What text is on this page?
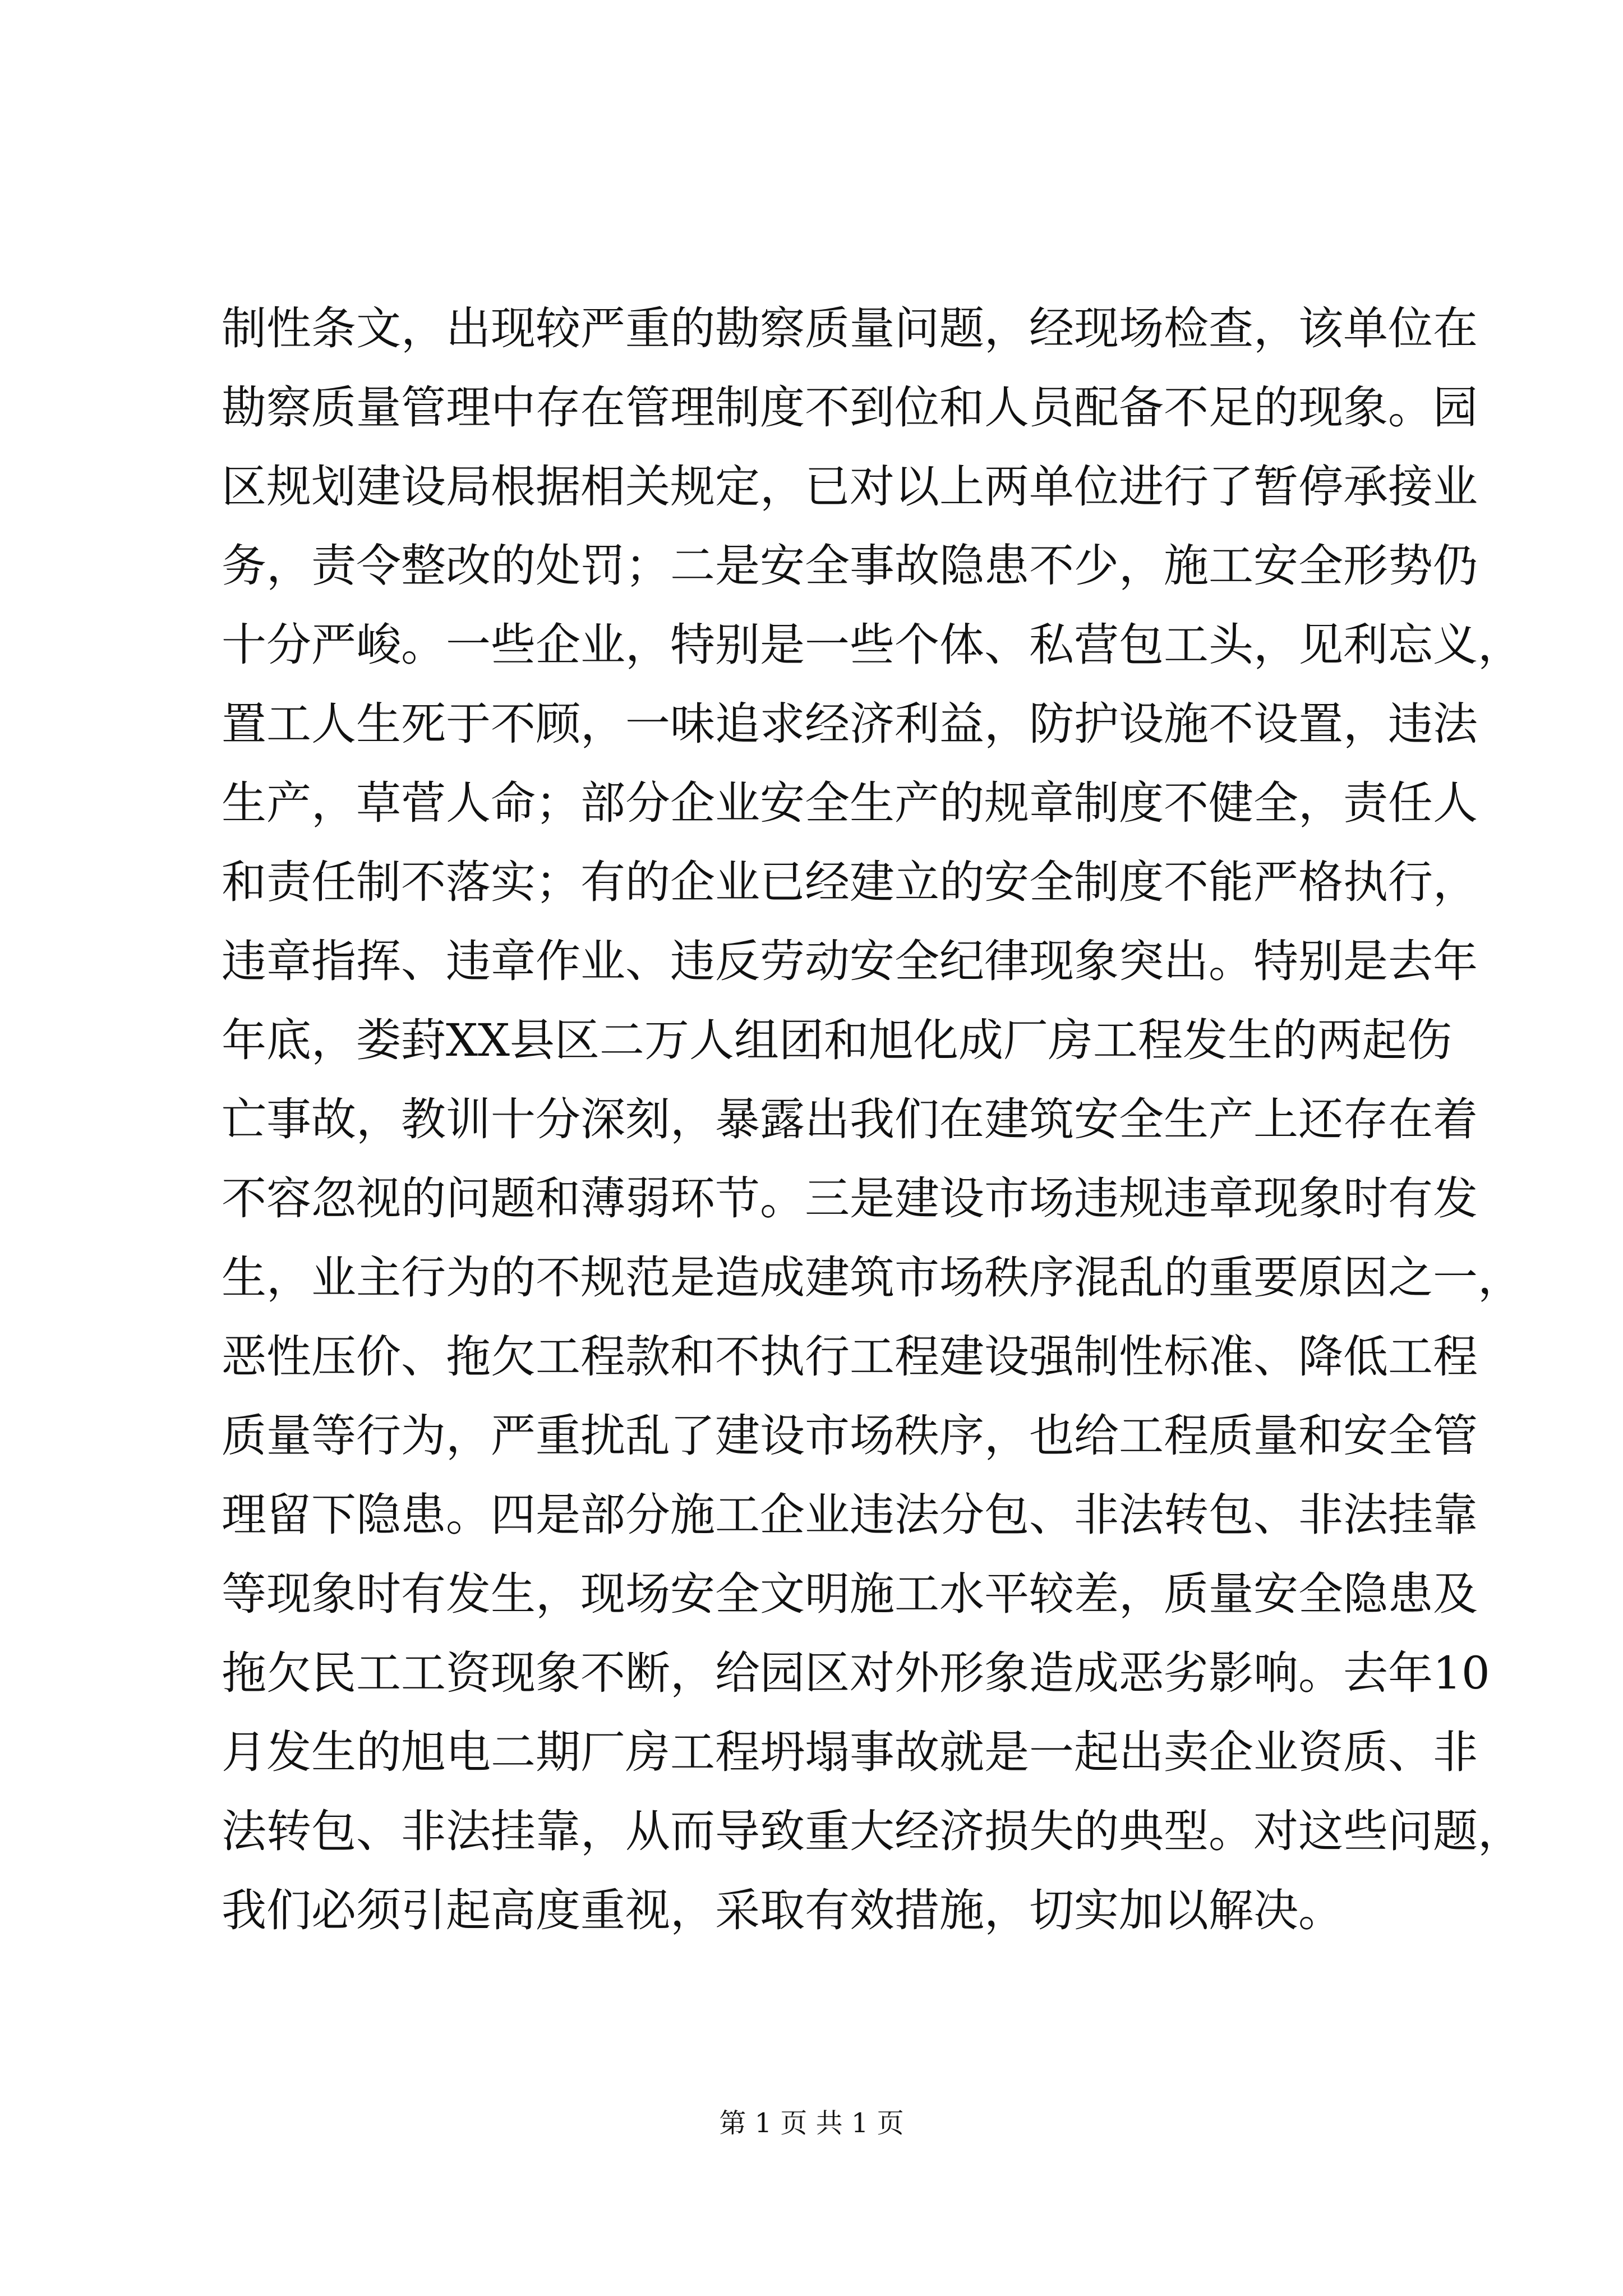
制性条文，出现较严重的勘察质量问题，经现场检查，该单位在
勘察质量管理中存在管理制度不到位和人员配备不足的现象。园
区规划建设局根据相关规定，已对以上两单位进行了暂停承接业
务，责令整改的处罚；二是安全事故隐患不少，施工安全形势仍
十分严峻。一些企业，特别是一些个体、私营包工头，见利忘义，
置工人生死于不顾，一味追求经济利益，防护设施不设置，违法
生产，草菅人命；部分企业安全生产的规章制度不健全，责任人
和责任制不落实；有的企业已经建立的安全制度不能严格执行，
违章指挥、违章作业、违反劳动安全纪律现象突出。特别是去年
年底，娄葑XX县区二万人组团和旭化成厂房工程发生的两起伤
亡事故，教训十分深刻，暴露出我们在建筑安全生产上还存在着
不容忽视的问题和薄弱环节。三是建设市场违规违章现象时有发
生，业主行为的不规范是造成建筑市场秩序混乱的重要原因之一，
恶性压价、拖欠工程款和不执行工程建设强制性标准、降低工程
质量等行为，严重扰乱了建设市场秩序，也给工程质量和安全管
理留下隐患。四是部分施工企业违法分包、非法转包、非法挂靠
等现象时有发生，现场安全文明施工水平较差，质量安全隐患及
拖欠民工工资现象不断，给园区对外形象造成恶劣影响。去年10
月发生的旭电二期厂房工程坍塌事故就是一起出卖企业资质、非
法转包、非法挂靠，从而导致重大经济损失的典型。对这些问题，
我们必须引起高度重视，采取有效措施，切实加以解决。
第 1 页 共 1 页
